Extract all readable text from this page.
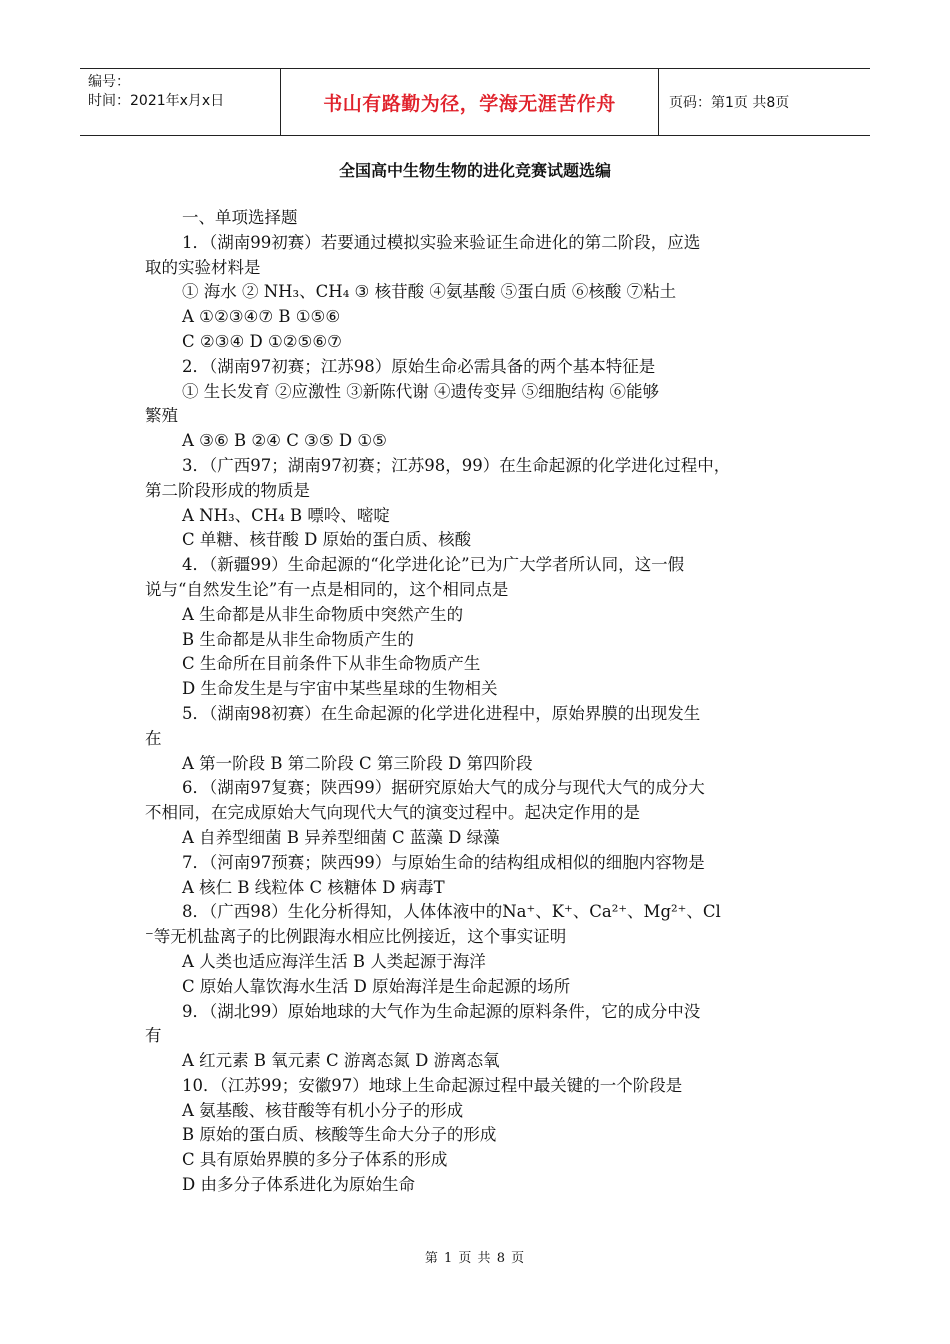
编号：
时间：2021年x月x日	书山有路勤为径，学海无涯苦作舟	页码：第1页 共8页
全国高中生物生物的进化竞赛试题选编
一、单项选择题
1．（湖南99初赛）若要通过模拟实验来验证生命进化的第二阶段，应选
取的实验材料是
① 海水 ② NH₃、CH₄ ③ 核苷酸 ④氨基酸 ⑤蛋白质 ⑥核酸 ⑦粘土
A ①②③④⑦ B ①⑤⑥
C ②③④ D ①②⑤⑥⑦
2．（湖南97初赛；江苏98）原始生命必需具备的两个基本特征是
① 生长发育 ②应激性 ③新陈代谢 ④遗传变异 ⑤细胞结构 ⑥能够
繁殖
A ③⑥ B ②④ C ③⑤ D ①⑤
3．（广西97；湖南97初赛；江苏98，99）在生命起源的化学进化过程中，
第二阶段形成的物质是
A NH₃、CH₄ B 嘌呤、嘧啶
C 单糖、核苷酸 D 原始的蛋白质、核酸
4．（新疆99）生命起源的“化学进化论”已为广大学者所认同，这一假
说与“自然发生论”有一点是相同的，这个相同点是
A 生命都是从非生命物质中突然产生的
B 生命都是从非生命物质产生的
C 生命所在目前条件下从非生命物质产生
D 生命发生是与宇宙中某些星球的生物相关
5．（湖南98初赛）在生命起源的化学进化进程中，原始界膜的出现发生
在
A 第一阶段 B 第二阶段 C 第三阶段 D 第四阶段
6．（湖南97复赛；陕西99）据研究原始大气的成分与现代大气的成分大
不相同，在完成原始大气向现代大气的演变过程中。起决定作用的是
A 自养型细菌 B 异养型细菌 C 蓝藻 D 绿藻
7．（河南97预赛；陕西99）与原始生命的结构组成相似的细胞内容物是
A 核仁 B 线粒体 C 核糖体 D 病毒T
8．（广西98）生化分析得知，人体体液中的Na⁺、K⁺、Ca²⁺、Mg²⁺、Cl
⁻等无机盐离子的比例跟海水相应比例接近，这个事实证明
A 人类也适应海洋生活 B 人类起源于海洋
C 原始人靠饮海水生活 D 原始海洋是生命起源的场所
9．（湖北99）原始地球的大气作为生命起源的原料条件，它的成分中没
有
A 红元素 B 氧元素 C 游离态氮 D 游离态氧
10．（江苏99；安徽97）地球上生命起源过程中最关键的一个阶段是
A 氨基酸、核苷酸等有机小分子的形成
B 原始的蛋白质、核酸等生命大分子的形成
C 具有原始界膜的多分子体系的形成
D 由多分子体系进化为原始生命
第 1 页 共 8 页
